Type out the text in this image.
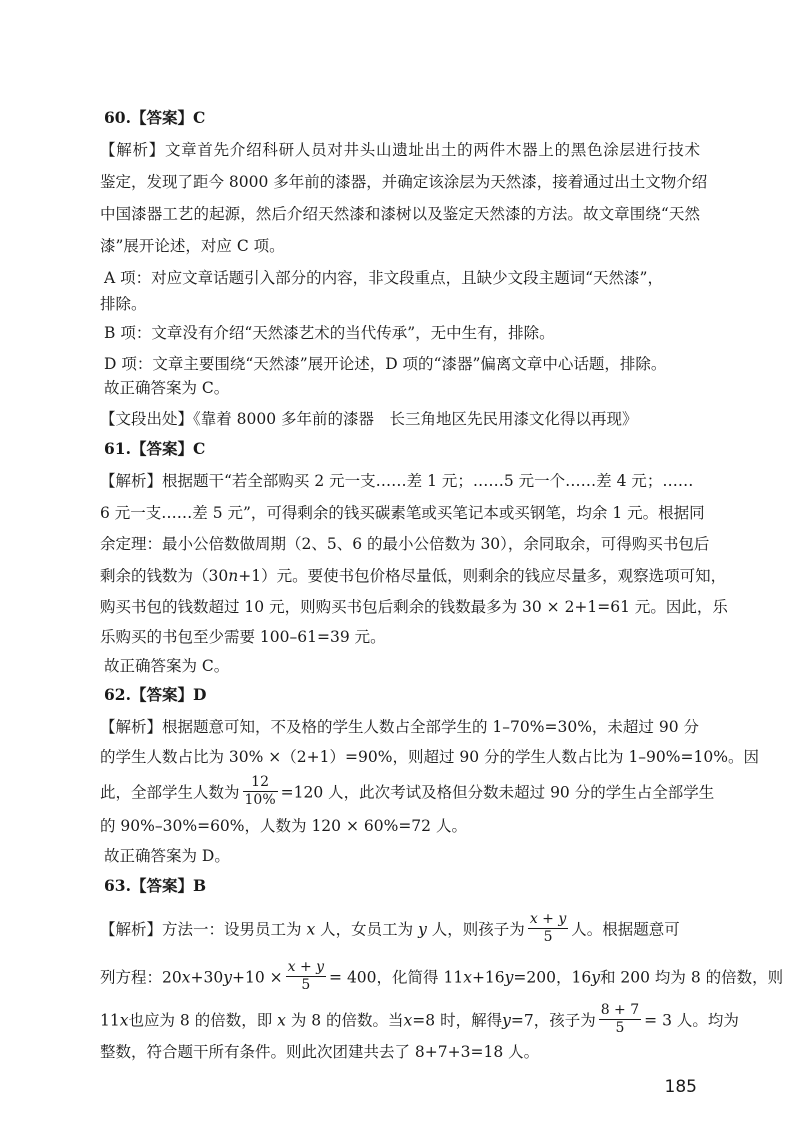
60.【答案】C
【解析】文章首先介绍科研人员对井头山遗址出土的两件木器上的黑色涂层进行技术
鉴定，发现了距今 8000 多年前的漆器，并确定该涂层为天然漆，接着通过出土文物介绍
中国漆器工艺的起源，然后介绍天然漆和漆树以及鉴定天然漆的方法。故文章围绕“天然
漆”展开论述，对应 C 项。
A 项：对应文章话题引入部分的内容，非文段重点，且缺少文段主题词“天然漆”，
排除。
B 项：文章没有介绍“天然漆艺术的当代传承”，无中生有，排除。
D 项：文章主要围绕“天然漆”展开论述，D 项的“漆器”偏离文章中心话题，排除。
故正确答案为 C。
【文段出处】《靠着 8000 多年前的漆器　长三角地区先民用漆文化得以再现》
61.【答案】C
【解析】根据题干“若全部购买 2 元一支……差 1 元；……5 元一个……差 4 元；……
6 元一支……差 5 元”，可得剩余的钱买碳素笔或买笔记本或买钢笔，均余 1 元。根据同
余定理：最小公倍数做周期（2、5、6 的最小公倍数为 30），余同取余，可得购买书包后
剩余的钱数为（30n+1）元。要使书包价格尽量低，则剩余的钱应尽量多，观察选项可知，
购买书包的钱数超过 10 元，则购买书包后剩余的钱数最多为 30 × 2+1=61 元。因此，乐
乐购买的书包至少需要 100–61=39 元。
故正确答案为 C。
62.【答案】D
【解析】根据题意可知，不及格的学生人数占全部学生的 1–70%=30%，未超过 90 分
的学生人数占比为 30% ×（2+1）=90%，则超过 90 分的学生人数占比为 1–90%=10%。因
此，全部学生人数为 $\frac{12}{10\%} =120$ 人，此次考试及格但分数未超过 90 分的学生占全部学生
的 90%–30%=60%，人数为 120 × 60%=72 人。
故正确答案为 D。
63.【答案】B
【解析】方法一：设男员工为 x 人，女员工为 y 人，则孩子为 $\frac{x + y}{5}$ 人。根据题意可
列方程：$20x+30y+10 \times \frac{x + y}{5} = 400$，化简得 11x+16y=200，16y和 200 均为 8 的倍数，则
11x也应为 8 的倍数，即 x 为 8 的倍数。当x=8 时，解得y=7，孩子为 $\frac{8 + 7}{5} = 3$ 人。均为
整数，符合题干所有条件。则此次团建共去了 8+7+3=18 人。
185
